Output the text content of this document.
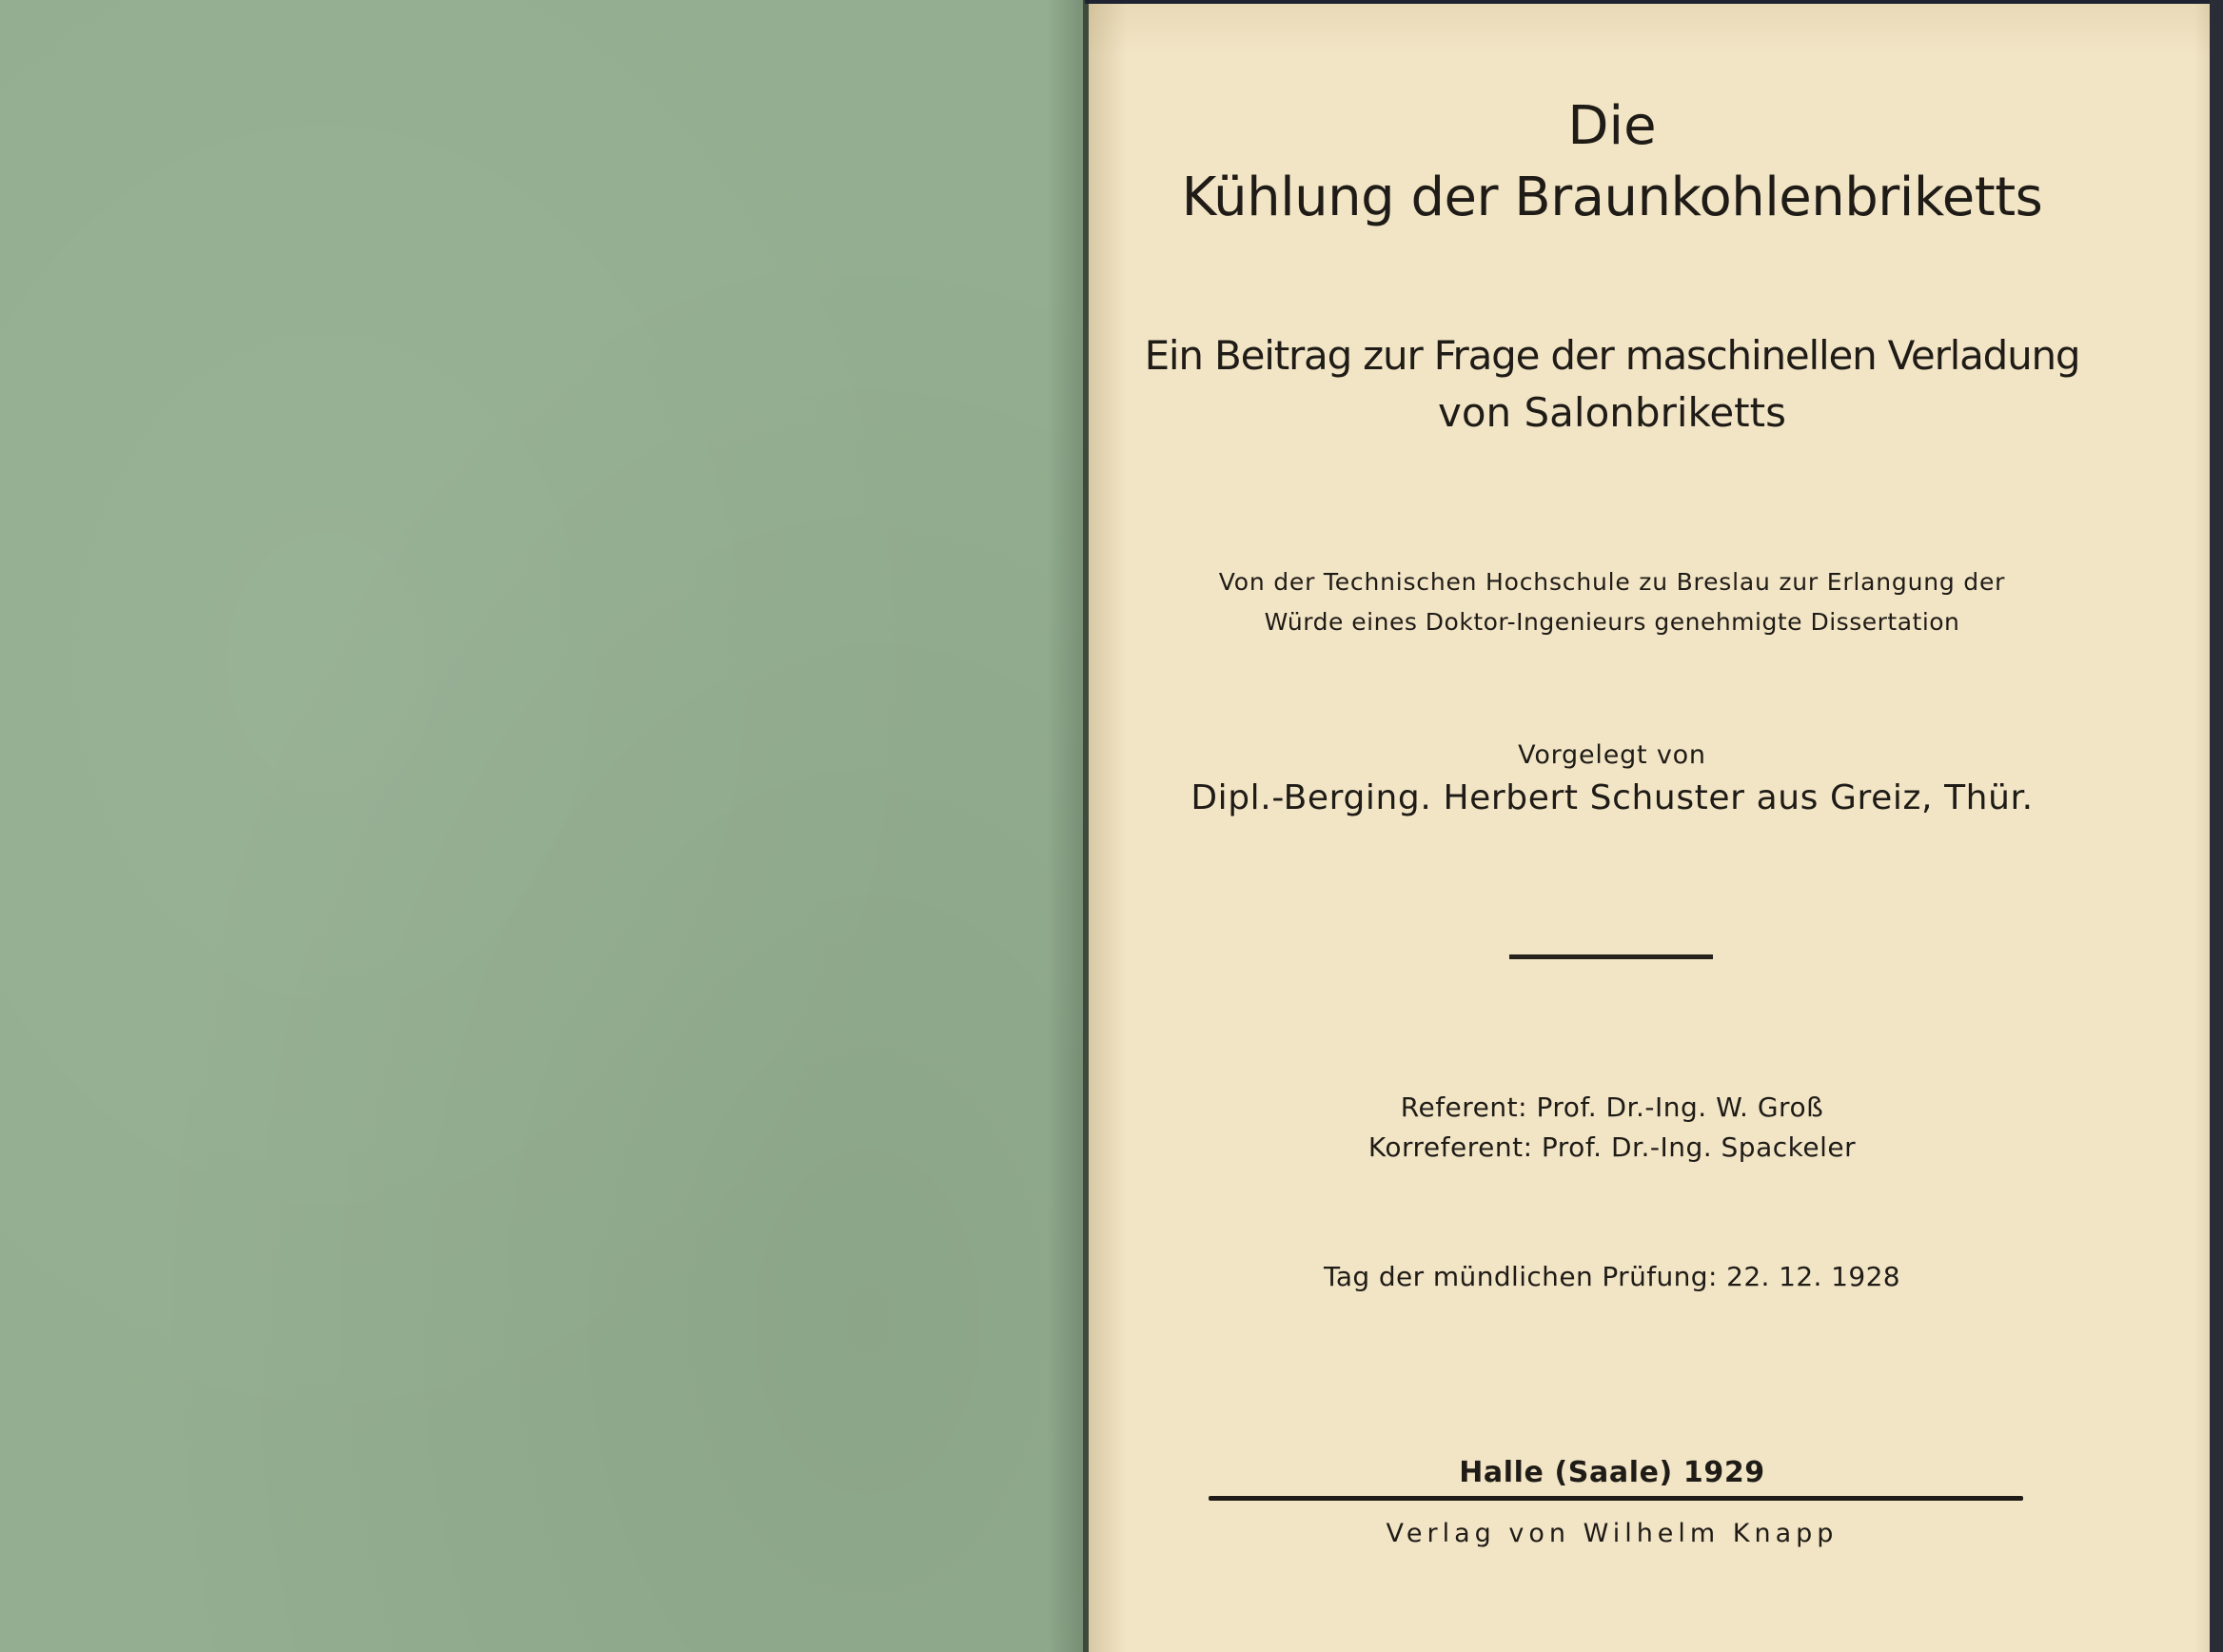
Die

Kühlung der Braunkohlenbriketts

Ein Beitrag zur Frage der maschinellen Verladung

von Salonbriketts

Von der Technischen Hochschule zu Breslau zur Erlangung der

Würde eines Doktor-Ingenieurs genehmigte Dissertation

Vorgelegt von

Dipl.-Berging. Herbert Schuster aus Greiz, Thür.

Referent: Prof. Dr.-Ing. W. Groß

Korreferent: Prof. Dr.-Ing. Spackeler

Tag der mündlichen Prüfung: 22. 12. 1928

Halle (Saale) 1929

Verlag von Wilhelm Knapp
